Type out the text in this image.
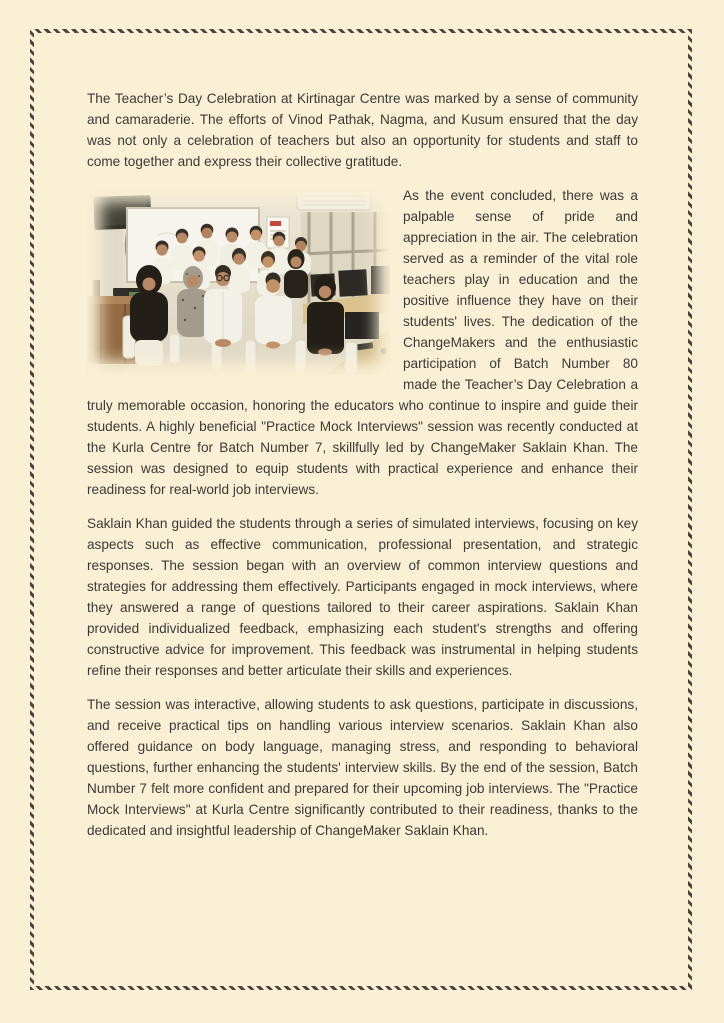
The Teacher’s Day Celebration at Kirtinagar Centre was marked by a sense of community and camaraderie. The efforts of Vinod Pathak, Nagma, and Kusum ensured that the day was not only a celebration of teachers but also an opportunity for students and staff to come together and express their collective gratitude.

As the event concluded, there was a palpable sense of pride and appreciation in the air. The celebration served as a reminder of the vital role teachers play in education and the positive influence they have on their students' lives. The dedication of the ChangeMakers and the enthusiastic participation of Batch Number 80 made the Teacher’s Day Celebration a truly memorable occasion, honoring the educators who continue to inspire and guide their students. A highly beneficial "Practice Mock Interviews" session was recently conducted at the Kurla Centre for Batch Number 7, skillfully led by ChangeMaker Saklain Khan. The session was designed to equip students with practical experience and enhance their readiness for real-world job interviews.

Saklain Khan guided the students through a series of simulated interviews, focusing on key aspects such as effective communication, professional presentation, and strategic responses. The session began with an overview of common interview questions and strategies for addressing them effectively. Participants engaged in mock interviews, where they answered a range of questions tailored to their career aspirations. Saklain Khan provided individualized feedback, emphasizing each student's strengths and offering constructive advice for improvement. This feedback was instrumental in helping students refine their responses and better articulate their skills and experiences.

The session was interactive, allowing students to ask questions, participate in discussions, and receive practical tips on handling various interview scenarios. Saklain Khan also offered guidance on body language, managing stress, and responding to behavioral questions, further enhancing the students' interview skills. By the end of the session, Batch Number 7 felt more confident and prepared for their upcoming job interviews. The "Practice Mock Interviews" at Kurla Centre significantly contributed to their readiness, thanks to the dedicated and insightful leadership of ChangeMaker Saklain Khan.
